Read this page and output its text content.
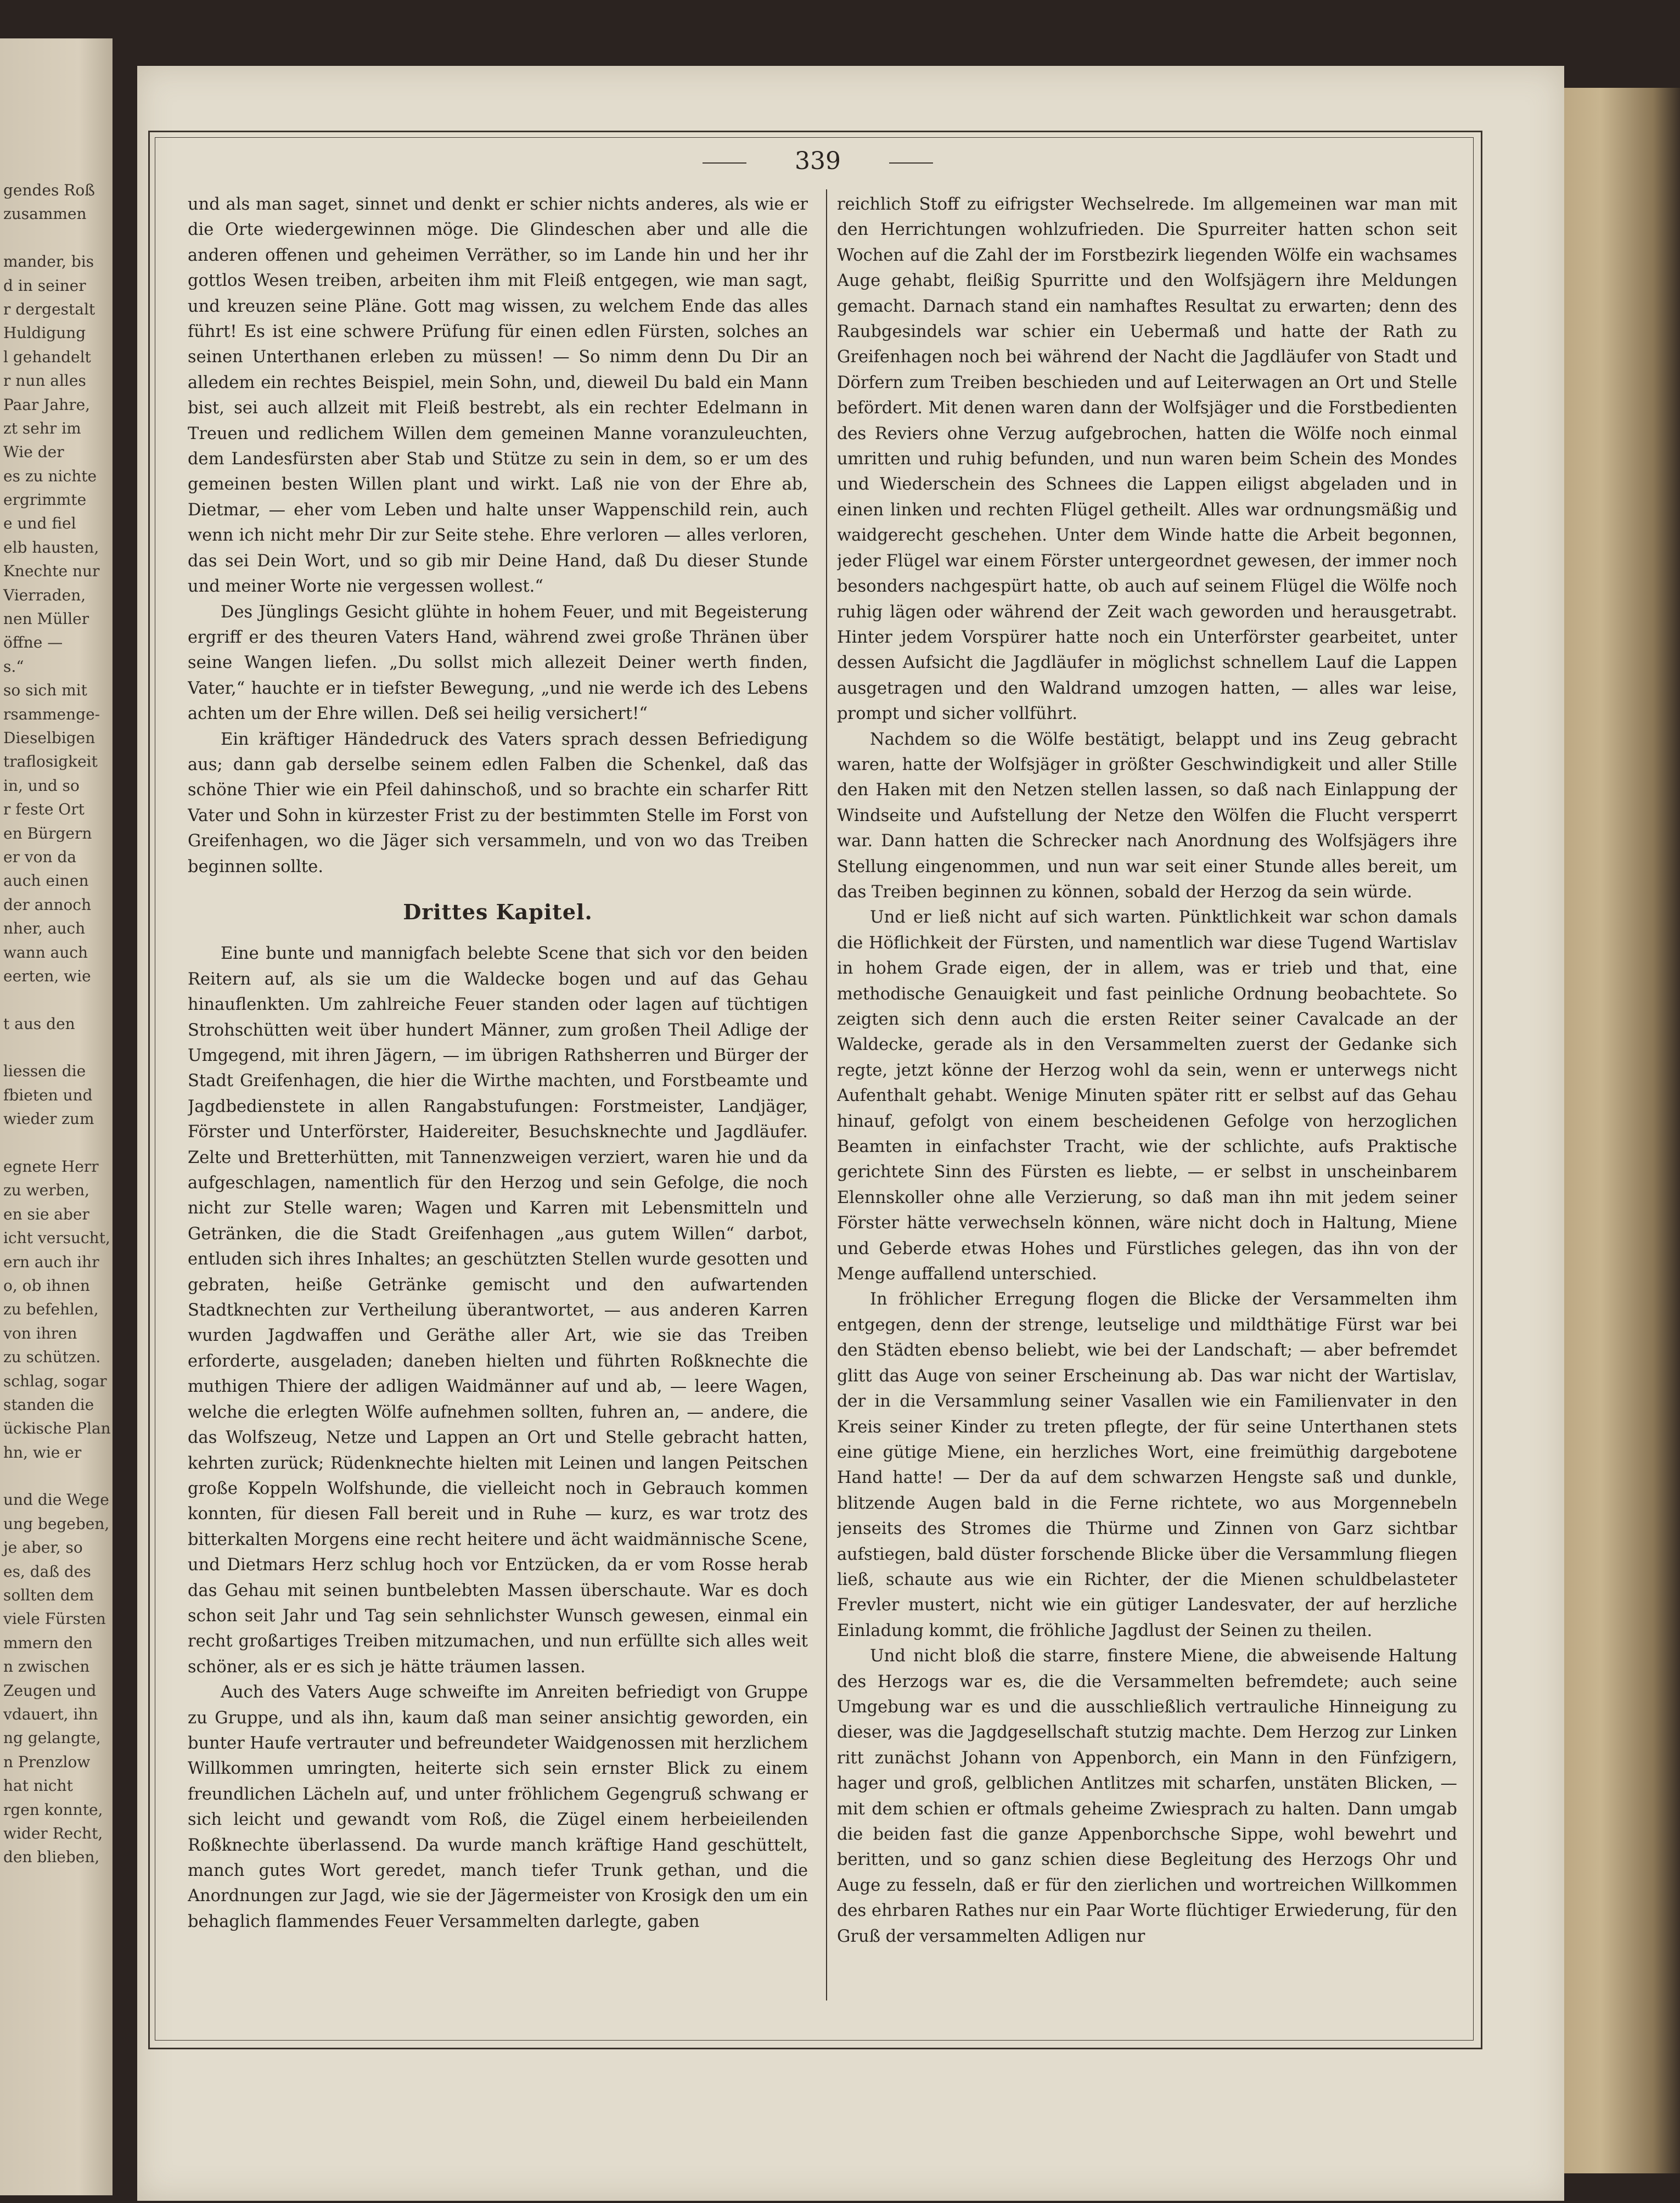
gendes Roß
zusammen

mander, bis
d in seiner
r dergestalt
Huldigung
l gehandelt
r nun alles
Paar Jahre,
zt sehr im
Wie der
es zu nichte
ergrimmte
e und fiel
elb hausten,
Knechte nur
Vierraden,
nen Müller
öffne —
s.“
so sich mit
rsammenge-
Dieselbigen
traflosigkeit
in, und so
r feste Ort
en Bürgern
er von da
auch einen
der annoch
nher, auch
wann auch
eerten, wie

t aus den

liessen die
fbieten und
wieder zum

egnete Herr
zu werben,
en sie aber
icht versucht,
ern auch ihr
o, ob ihnen
zu befehlen,
von ihren
zu schützen.
schlag, sogar
standen die
ückische Plan
hn, wie er

und die Wege
ung begeben,
je aber, so
es, daß des
sollten dem
viele Fürsten
mmern den
n zwischen
Zeugen und
vdauert, ihn
ng gelangte,
n Prenzlow
hat nicht
rgen konnte,
wider Recht,
den blieben,
339

und als man saget, sinnet und denkt er schier nichts anderes, als wie er die Orte wiedergewinnen möge. Die Glindeschen aber und alle die anderen offenen und geheimen Verräther, so im Lande hin und her ihr gottlos Wesen treiben, arbeiten ihm mit Fleiß entgegen, wie man sagt, und kreuzen seine Pläne. Gott mag wissen, zu welchem Ende das alles führt! Es ist eine schwere Prüfung für einen edlen Fürsten, solches an seinen Unterthanen erleben zu müssen! — So nimm denn Du Dir an alledem ein rechtes Beispiel, mein Sohn, und, dieweil Du bald ein Mann bist, sei auch allzeit mit Fleiß bestrebt, als ein rechter Edelmann in Treuen und redlichem Willen dem gemeinen Manne voranzuleuchten, dem Landesfürsten aber Stab und Stütze zu sein in dem, so er um des gemeinen besten Willen plant und wirkt. Laß nie von der Ehre ab, Dietmar, — eher vom Leben und halte unser Wappenschild rein, auch wenn ich nicht mehr Dir zur Seite stehe. Ehre verloren — alles verloren, das sei Dein Wort, und so gib mir Deine Hand, daß Du dieser Stunde und meiner Worte nie vergessen wollest.“

Des Jünglings Gesicht glühte in hohem Feuer, und mit Begeisterung ergriff er des theuren Vaters Hand, während zwei große Thränen über seine Wangen liefen. „Du sollst mich allezeit Deiner werth finden, Vater,“ hauchte er in tiefster Bewegung, „und nie werde ich des Lebens achten um der Ehre willen. Deß sei heilig versichert!“

Ein kräftiger Händedruck des Vaters sprach dessen Befriedigung aus; dann gab derselbe seinem edlen Falben die Schenkel, daß das schöne Thier wie ein Pfeil dahinschoß, und so brachte ein scharfer Ritt Vater und Sohn in kürzester Frist zu der bestimmten Stelle im Forst von Greifenhagen, wo die Jäger sich versammeln, und von wo das Treiben beginnen sollte.

Drittes Kapitel.

Eine bunte und mannigfach belebte Scene that sich vor den beiden Reitern auf, als sie um die Waldecke bogen und auf das Gehau hinauflenkten. Um zahlreiche Feuer standen oder lagen auf tüchtigen Strohschütten weit über hundert Männer, zum großen Theil Adlige der Umgegend, mit ihren Jägern, — im übrigen Rathsherren und Bürger der Stadt Greifenhagen, die hier die Wirthe machten, und Forstbeamte und Jagdbedienstete in allen Rangabstufungen: Forstmeister, Landjäger, Förster und Unterförster, Haidereiter, Besuchsknechte und Jagdläufer. Zelte und Bretterhütten, mit Tannenzweigen verziert, waren hie und da aufgeschlagen, namentlich für den Herzog und sein Gefolge, die noch nicht zur Stelle waren; Wagen und Karren mit Lebensmitteln und Getränken, die die Stadt Greifenhagen „aus gutem Willen“ darbot, entluden sich ihres Inhaltes; an geschützten Stellen wurde gesotten und gebraten, heiße Getränke gemischt und den aufwartenden Stadtknechten zur Vertheilung überantwortet, — aus anderen Karren wurden Jagdwaffen und Geräthe aller Art, wie sie das Treiben erforderte, ausgeladen; daneben hielten und führten Roßknechte die muthigen Thiere der adligen Waidmänner auf und ab, — leere Wagen, welche die erlegten Wölfe aufnehmen sollten, fuhren an, — andere, die das Wolfszeug, Netze und Lappen an Ort und Stelle gebracht hatten, kehrten zurück; Rüdenknechte hielten mit Leinen und langen Peitschen große Koppeln Wolfshunde, die vielleicht noch in Gebrauch kommen konnten, für diesen Fall bereit und in Ruhe — kurz, es war trotz des bitterkalten Morgens eine recht heitere und ächt waidmännische Scene, und Dietmars Herz schlug hoch vor Entzücken, da er vom Rosse herab das Gehau mit seinen buntbelebten Massen überschaute. War es doch schon seit Jahr und Tag sein sehnlichster Wunsch gewesen, einmal ein recht großartiges Treiben mitzumachen, und nun erfüllte sich alles weit schöner, als er es sich je hätte träumen lassen.

Auch des Vaters Auge schweifte im Anreiten befriedigt von Gruppe zu Gruppe, und als ihn, kaum daß man seiner ansichtig geworden, ein bunter Haufe vertrauter und befreundeter Waidgenossen mit herzlichem Willkommen umringten, heiterte sich sein ernster Blick zu einem freundlichen Lächeln auf, und unter fröhlichem Gegengruß schwang er sich leicht und gewandt vom Roß, die Zügel einem herbeieilenden Roßknechte überlassend. Da wurde manch kräftige Hand geschüttelt, manch gutes Wort geredet, manch tiefer Trunk gethan, und die Anordnungen zur Jagd, wie sie der Jägermeister von Krosigk den um ein behaglich flammendes Feuer Versammelten darlegte, gaben

reichlich Stoff zu eifrigster Wechselrede. Im allgemeinen war man mit den Herrichtungen wohlzufrieden. Die Spurreiter hatten schon seit Wochen auf die Zahl der im Forstbezirk liegenden Wölfe ein wachsames Auge gehabt, fleißig Spurritte und den Wolfsjägern ihre Meldungen gemacht. Darnach stand ein namhaftes Resultat zu erwarten; denn des Raubgesindels war schier ein Uebermaß und hatte der Rath zu Greifenhagen noch bei während der Nacht die Jagdläufer von Stadt und Dörfern zum Treiben beschieden und auf Leiterwagen an Ort und Stelle befördert. Mit denen waren dann der Wolfsjäger und die Forstbedienten des Reviers ohne Verzug aufgebrochen, hatten die Wölfe noch einmal umritten und ruhig befunden, und nun waren beim Schein des Mondes und Wiederschein des Schnees die Lappen eiligst abgeladen und in einen linken und rechten Flügel getheilt. Alles war ordnungsmäßig und waidgerecht geschehen. Unter dem Winde hatte die Arbeit begonnen, jeder Flügel war einem Förster untergeordnet gewesen, der immer noch besonders nachgespürt hatte, ob auch auf seinem Flügel die Wölfe noch ruhig lägen oder während der Zeit wach geworden und herausgetrabt. Hinter jedem Vorspürer hatte noch ein Unterförster gearbeitet, unter dessen Aufsicht die Jagdläufer in möglichst schnellem Lauf die Lappen ausgetragen und den Waldrand umzogen hatten, — alles war leise, prompt und sicher vollführt.

Nachdem so die Wölfe bestätigt, belappt und ins Zeug gebracht waren, hatte der Wolfsjäger in größter Geschwindigkeit und aller Stille den Haken mit den Netzen stellen lassen, so daß nach Einlappung der Windseite und Aufstellung der Netze den Wölfen die Flucht versperrt war. Dann hatten die Schrecker nach Anordnung des Wolfsjägers ihre Stellung eingenommen, und nun war seit einer Stunde alles bereit, um das Treiben beginnen zu können, sobald der Herzog da sein würde.

Und er ließ nicht auf sich warten. Pünktlichkeit war schon damals die Höflichkeit der Fürsten, und namentlich war diese Tugend Wartislav in hohem Grade eigen, der in allem, was er trieb und that, eine methodische Genauigkeit und fast peinliche Ordnung beobachtete. So zeigten sich denn auch die ersten Reiter seiner Cavalcade an der Waldecke, gerade als in den Versammelten zuerst der Gedanke sich regte, jetzt könne der Herzog wohl da sein, wenn er unterwegs nicht Aufenthalt gehabt. Wenige Minuten später ritt er selbst auf das Gehau hinauf, gefolgt von einem bescheidenen Gefolge von herzoglichen Beamten in einfachster Tracht, wie der schlichte, aufs Praktische gerichtete Sinn des Fürsten es liebte, — er selbst in unscheinbarem Elennskoller ohne alle Verzierung, so daß man ihn mit jedem seiner Förster hätte verwechseln können, wäre nicht doch in Haltung, Miene und Geberde etwas Hohes und Fürstliches gelegen, das ihn von der Menge auffallend unterschied.

In fröhlicher Erregung flogen die Blicke der Versammelten ihm entgegen, denn der strenge, leutselige und mildthätige Fürst war bei den Städten ebenso beliebt, wie bei der Landschaft; — aber befremdet glitt das Auge von seiner Erscheinung ab. Das war nicht der Wartislav, der in die Versammlung seiner Vasallen wie ein Familienvater in den Kreis seiner Kinder zu treten pflegte, der für seine Unterthanen stets eine gütige Miene, ein herzliches Wort, eine freimüthig dargebotene Hand hatte! — Der da auf dem schwarzen Hengste saß und dunkle, blitzende Augen bald in die Ferne richtete, wo aus Morgennebeln jenseits des Stromes die Thürme und Zinnen von Garz sichtbar aufstiegen, bald düster forschende Blicke über die Versammlung fliegen ließ, schaute aus wie ein Richter, der die Mienen schuldbelasteter Frevler mustert, nicht wie ein gütiger Landesvater, der auf herzliche Einladung kommt, die fröhliche Jagdlust der Seinen zu theilen.

Und nicht bloß die starre, finstere Miene, die abweisende Haltung des Herzogs war es, die die Versammelten befremdete; auch seine Umgebung war es und die ausschließlich vertrauliche Hinneigung zu dieser, was die Jagdgesellschaft stutzig machte. Dem Herzog zur Linken ritt zunächst Johann von Appenborch, ein Mann in den Fünfzigern, hager und groß, gelblichen Antlitzes mit scharfen, unstäten Blicken, — mit dem schien er oftmals geheime Zwiesprach zu halten. Dann umgab die beiden fast die ganze Appenborchsche Sippe, wohl bewehrt und beritten, und so ganz schien diese Begleitung des Herzogs Ohr und Auge zu fesseln, daß er für den zierlichen und wortreichen Willkommen des ehrbaren Rathes nur ein Paar Worte flüchtiger Erwiederung, für den Gruß der versammelten Adligen nur
